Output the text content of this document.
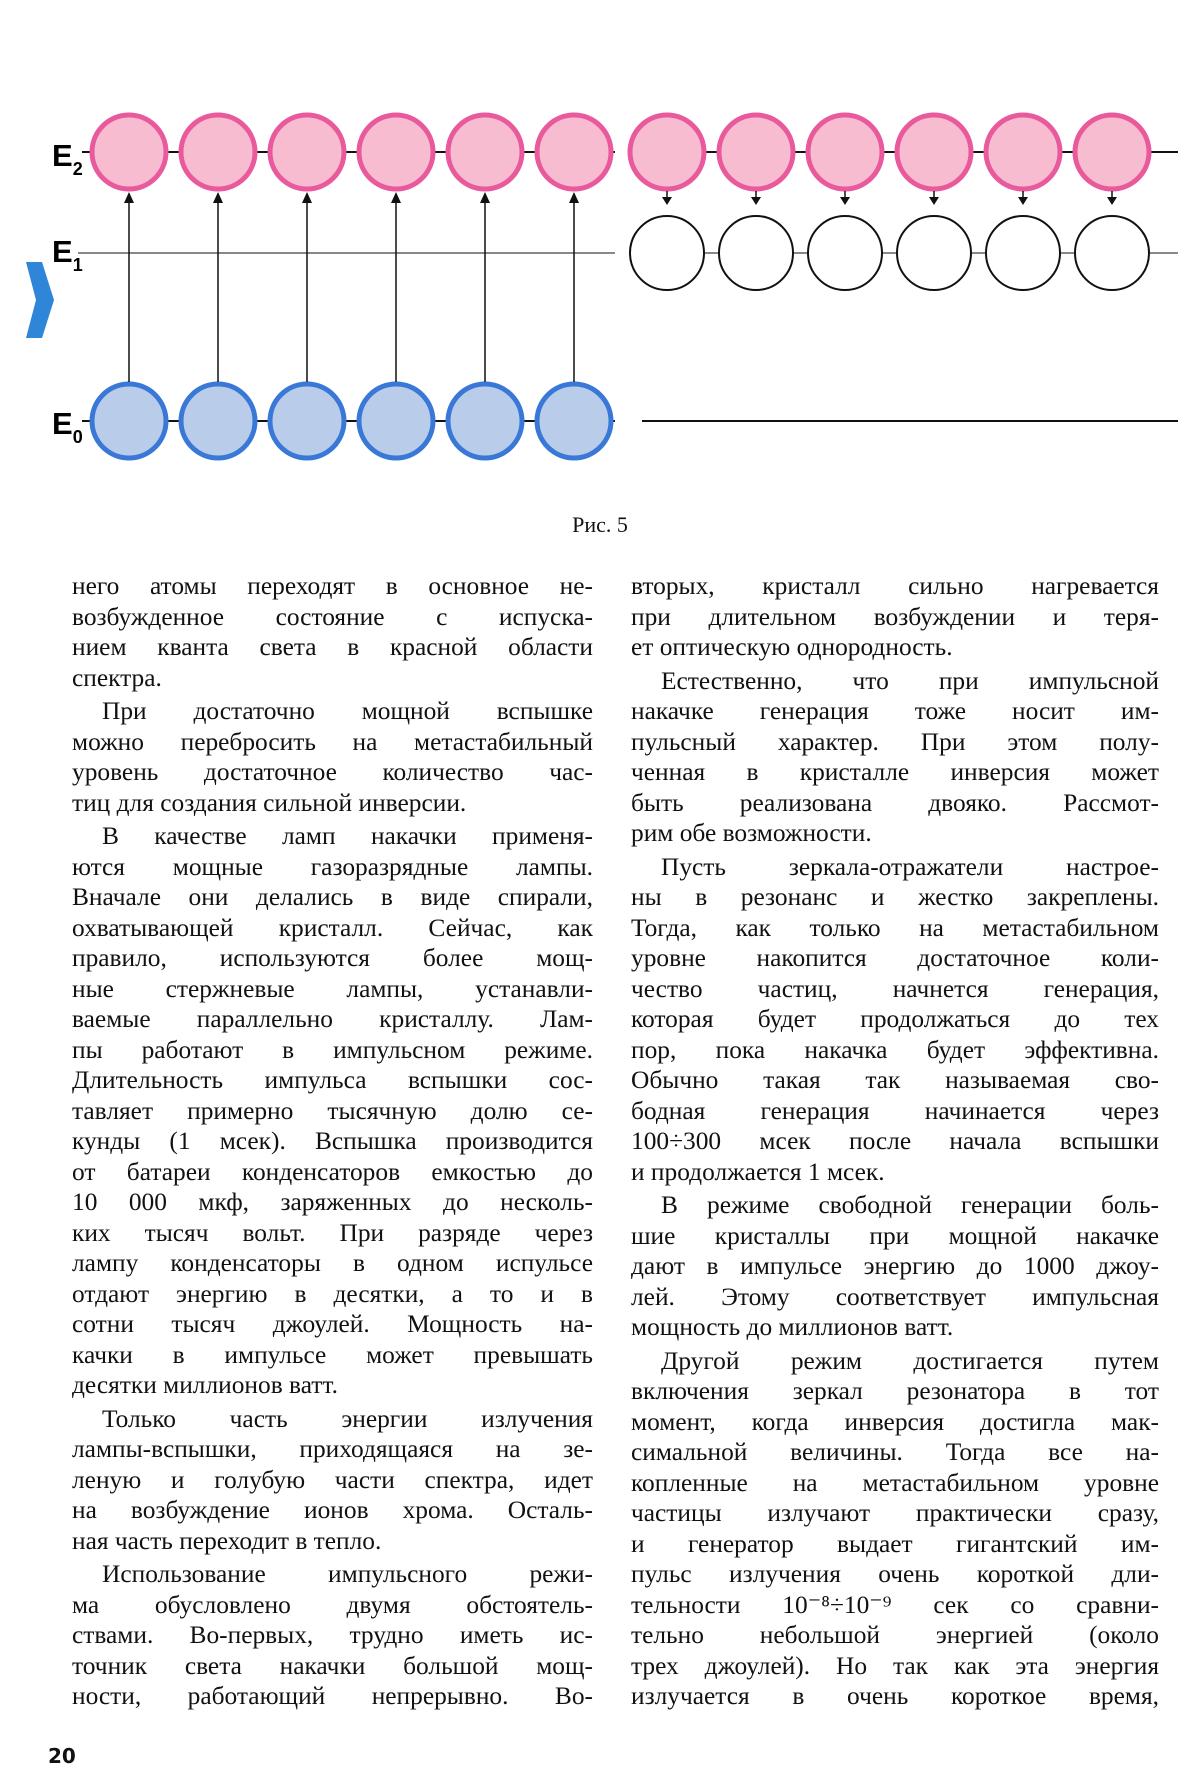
$E_2$
$E_1$
$E_0$
Рис. 5
него атомы переходят в основное не-
возбужденное состояние с испуска-
нием кванта света в красной области
спектра.
При достаточно мощной вспышке
можно перебросить на метастабильный
уровень достаточное количество час-
тиц для создания сильной инверсии.
В качестве ламп накачки применя-
ются мощные газоразрядные лампы.
Вначале они делались в виде спирали,
охватывающей кристалл. Сейчас, как
правило, используются более мощ-
ные стержневые лампы, устанавли-
ваемые параллельно кристаллу. Лам-
пы работают в импульсном режиме.
Длительность импульса вспышки сос-
тавляет примерно тысячную долю се-
кунды (1 мсек). Вспышка производится
от батареи конденсаторов емкостью до
10 000 мкф, заряженных до несколь-
ких тысяч вольт. При разряде через
лампу конденсаторы в одном испульсе
отдают энергию в десятки, а то и в
сотни тысяч джоулей. Мощность на-
качки в импульсе может превышать
десятки миллионов ватт.
Только часть энергии излучения
лампы-вспышки, приходящаяся на зе-
леную и голубую части спектра, идет
на возбуждение ионов хрома. Осталь-
ная часть переходит в тепло.
Использование импульсного режи-
ма обусловлено двумя обстоятель-
ствами. Во-первых, трудно иметь ис-
точник света накачки большой мощ-
ности, работающий непрерывно. Во-
вторых, кристалл сильно нагревается
при длительном возбуждении и теря-
ет оптическую однородность.
Естественно, что при импульсной
накачке генерация тоже носит им-
пульсный характер. При этом полу-
ченная в кристалле инверсия может
быть реализована двояко. Рассмот-
рим обе возможности.
Пусть зеркала-отражатели настрое-
ны в резонанс и жестко закреплены.
Тогда, как только на метастабильном
уровне накопится достаточное коли-
чество частиц, начнется генерация,
которая будет продолжаться до тех
пор, пока накачка будет эффективна.
Обычно такая так называемая сво-
бодная генерация начинается через
100÷300 мсек после начала вспышки
и продолжается 1 мсек.
В режиме свободной генерации боль-
шие кристаллы при мощной накачке
дают в импульсе энергию до 1000 джоу-
лей. Этому соответствует импульсная
мощность до миллионов ватт.
Другой режим достигается путем
включения зеркал резонатора в тот
момент, когда инверсия достигла мак-
симальной величины. Тогда все на-
копленные на метастабильном уровне
частицы излучают практически сразу,
и генератор выдает гигантский им-
пульс излучения очень короткой дли-
тельности 10⁻⁸÷10⁻⁹ сек со сравни-
тельно небольшой энергией (около
трех джоулей). Но так как эта энергия
излучается в очень короткое время,
20
